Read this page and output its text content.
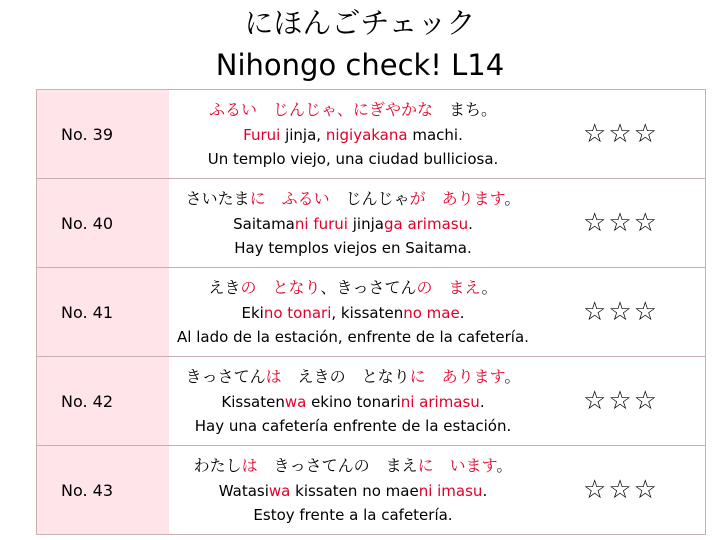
にほんごチェック
Nihongo check! L14
No. 39	ふるい　じんじゃ、にぎやかな　まち。
Furui jinja, nigiyakana machi.
Un templo viejo, una ciudad bulliciosa.	☆☆☆
No. 40	さいたまに　 ふるい　じんじゃが　あります。
Saitamani furui jinjaga arimasu.
Hay templos viejos en Saitama.	☆☆☆
No. 41	えきの　となり、きっさてんの　まえ。
Ekino tonari, kissatenno mae.
Al lado de la estación, enfrente de la cafetería.	☆☆☆
No. 42	きっさてんは　えきの　となりに　あります。
Kissatenwa ekino tonarini arimasu.
Hay una cafetería enfrente de la estación.	☆☆☆
No. 43	わたしは　きっさてんの　まえに　います。
Watasiwa kissaten no maeni imasu.
Estoy frente a la cafetería.	☆☆☆
